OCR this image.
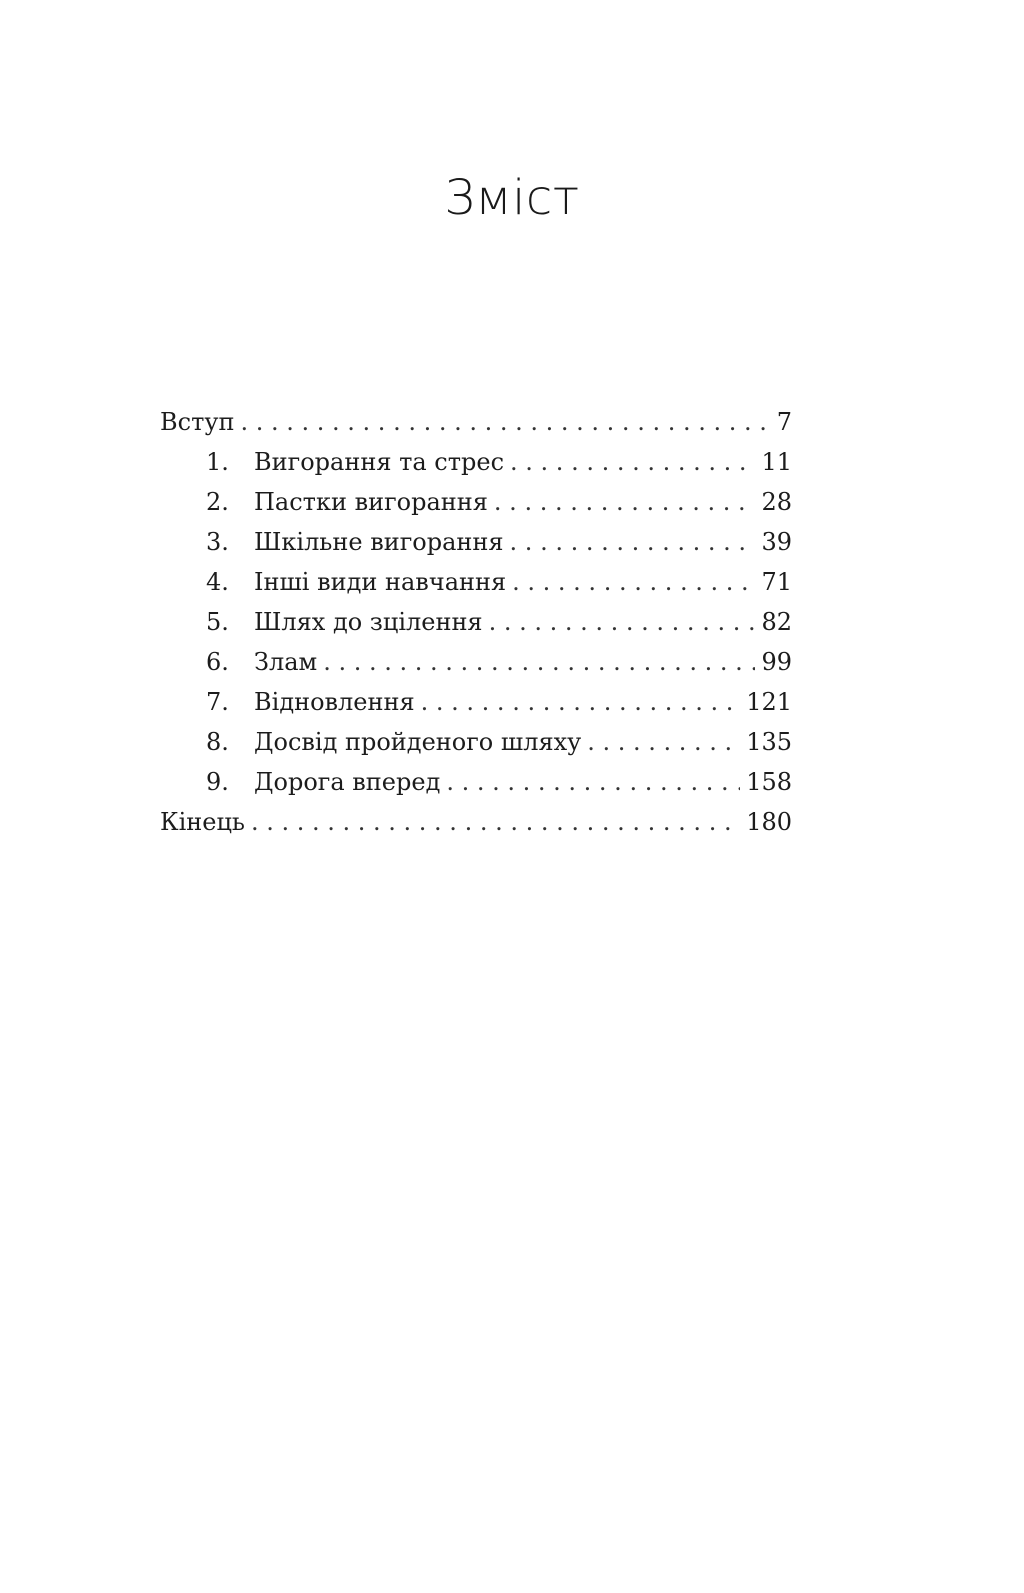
Зміст
Вступ . . .	7
1.	Вигорання та стрес . . .	11
2.	Пастки вигорання . . .	28
3.	Шкільне вигорання . . .	39
4.	Інші види навчання . . .	71
5.	Шлях до зцілення . . .	82
6.	Злам . . .	99
7.	Відновлення . . .	121
8.	Досвід пройденого шляху . . .	135
9.	Дорога вперед . . .	158
Кінець . . .	180
